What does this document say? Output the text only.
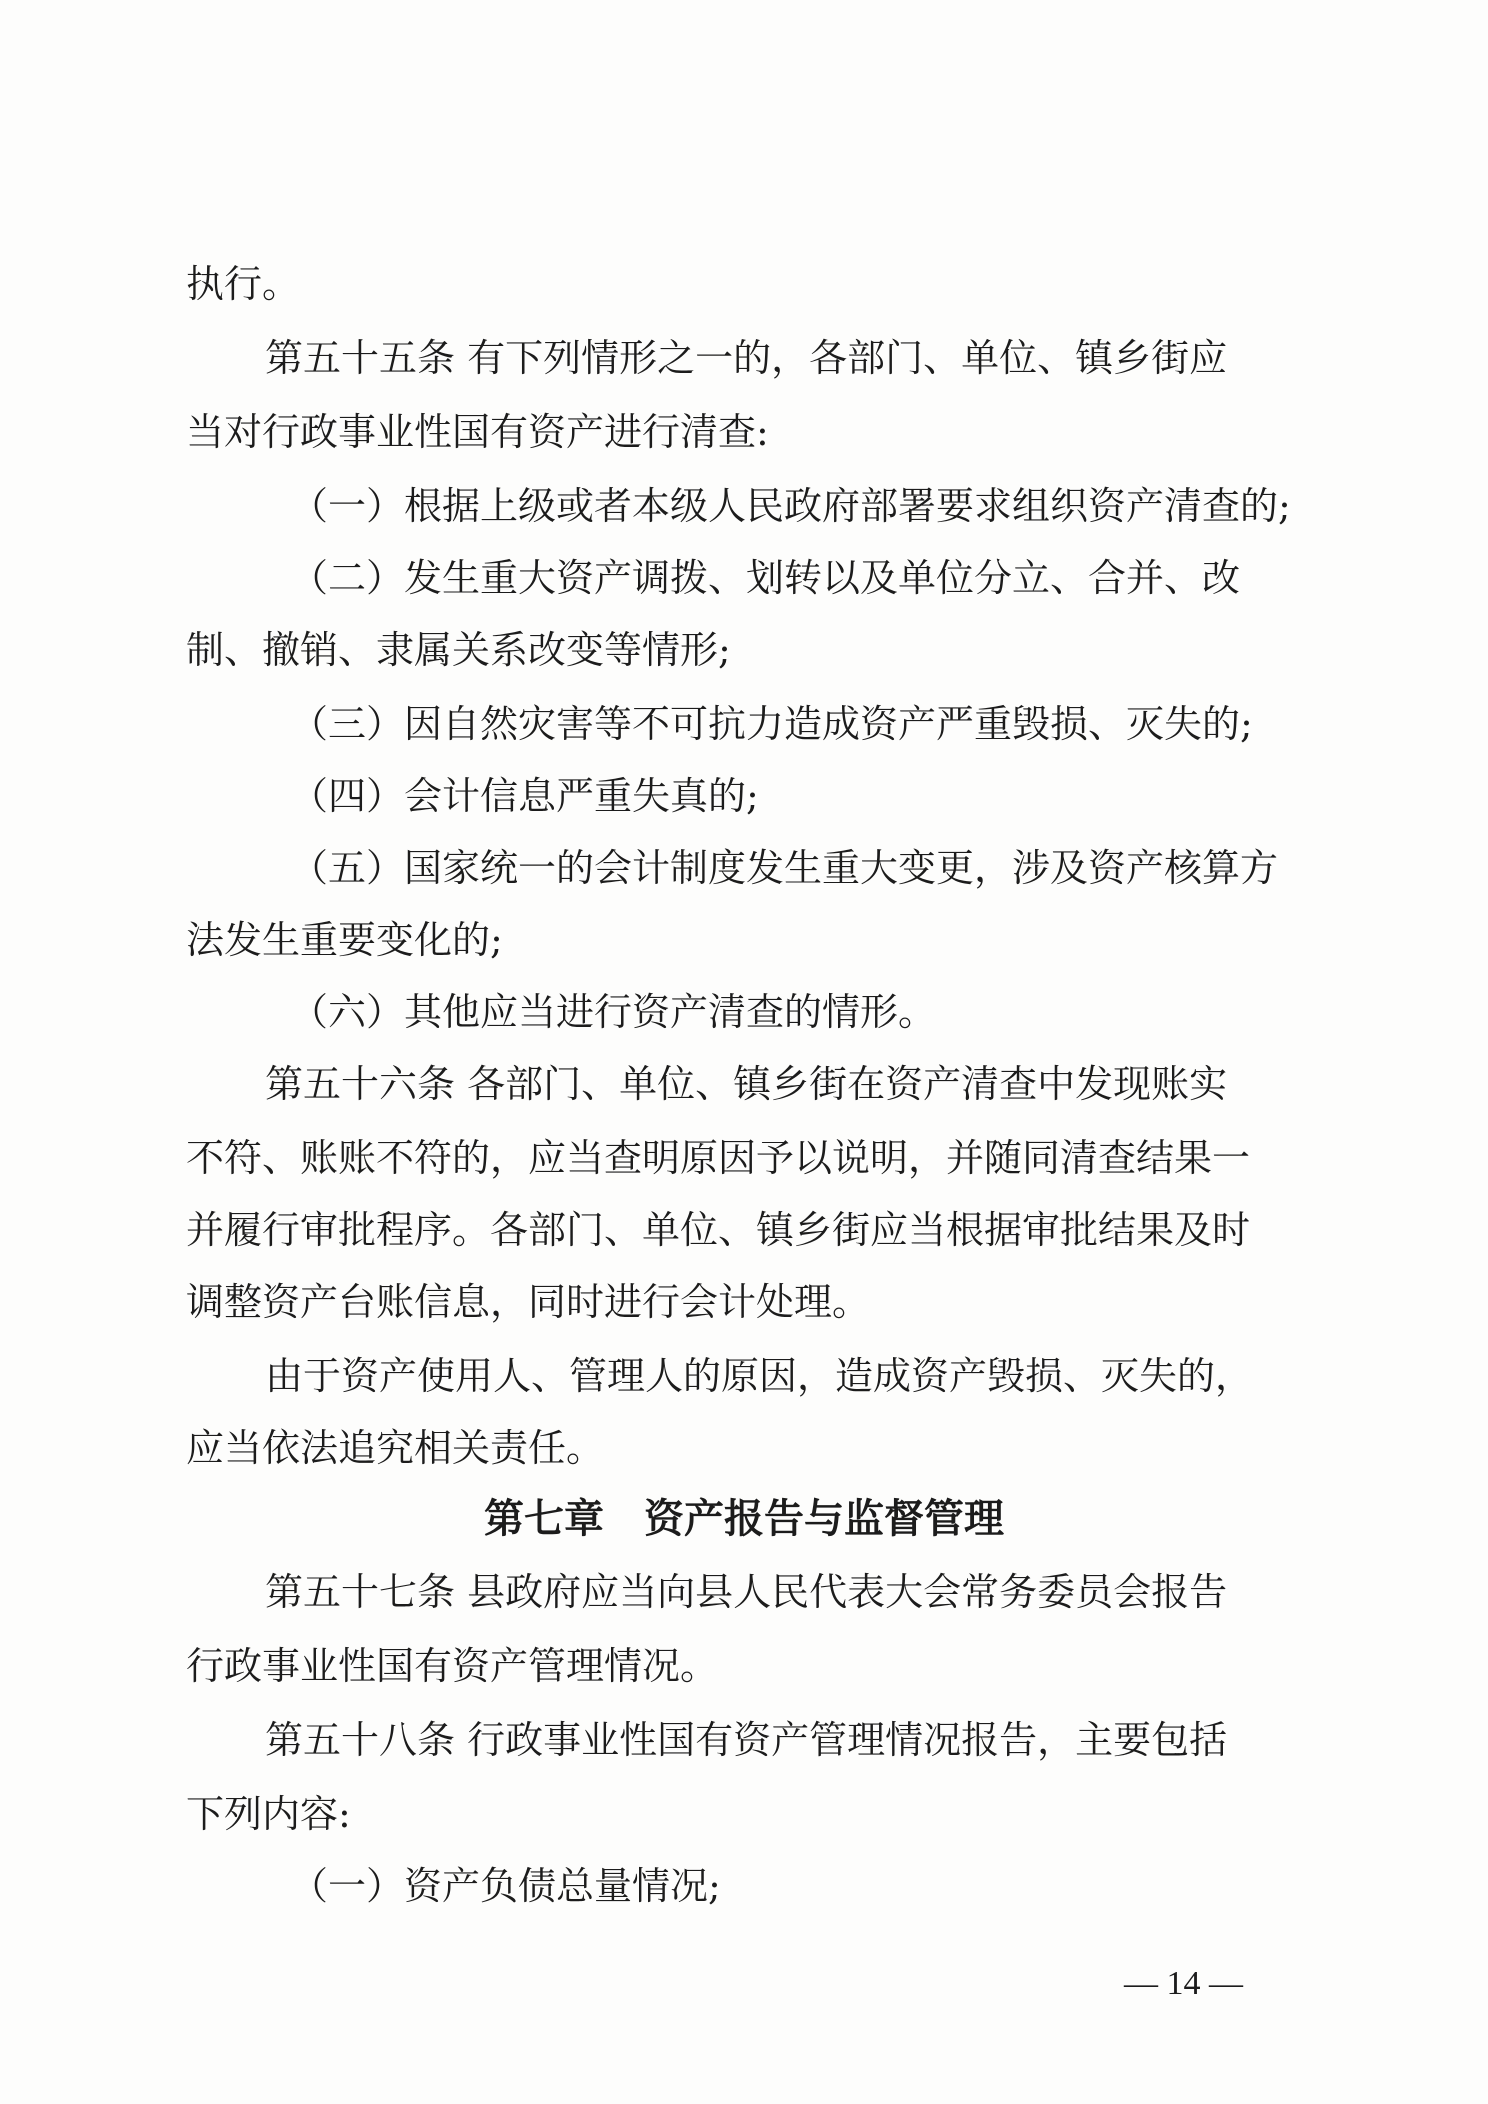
执行。
第五十五条 有下列情形之一的，各部门、单位、镇乡街应
当对行政事业性国有资产进行清查:
（一）根据上级或者本级人民政府部署要求组织资产清查的;
（二）发生重大资产调拨、划转以及单位分立、合并、改
制、撤销、隶属关系改变等情形;
（三）因自然灾害等不可抗力造成资产严重毁损、灭失的;
（四）会计信息严重失真的;
（五）国家统一的会计制度发生重大变更，涉及资产核算方
法发生重要变化的;
（六）其他应当进行资产清查的情形。
第五十六条 各部门、单位、镇乡街在资产清查中发现账实
不符、账账不符的，应当查明原因予以说明，并随同清查结果一
并履行审批程序。各部门、单位、镇乡街应当根据审批结果及时
调整资产台账信息，同时进行会计处理。
由于资产使用人、管理人的原因，造成资产毁损、灭失的，
应当依法追究相关责任。
第七章　资产报告与监督管理
第五十七条 县政府应当向县人民代表大会常务委员会报告
行政事业性国有资产管理情况。
第五十八条 行政事业性国有资产管理情况报告，主要包括
下列内容:
（一）资产负债总量情况;
— 14 —
